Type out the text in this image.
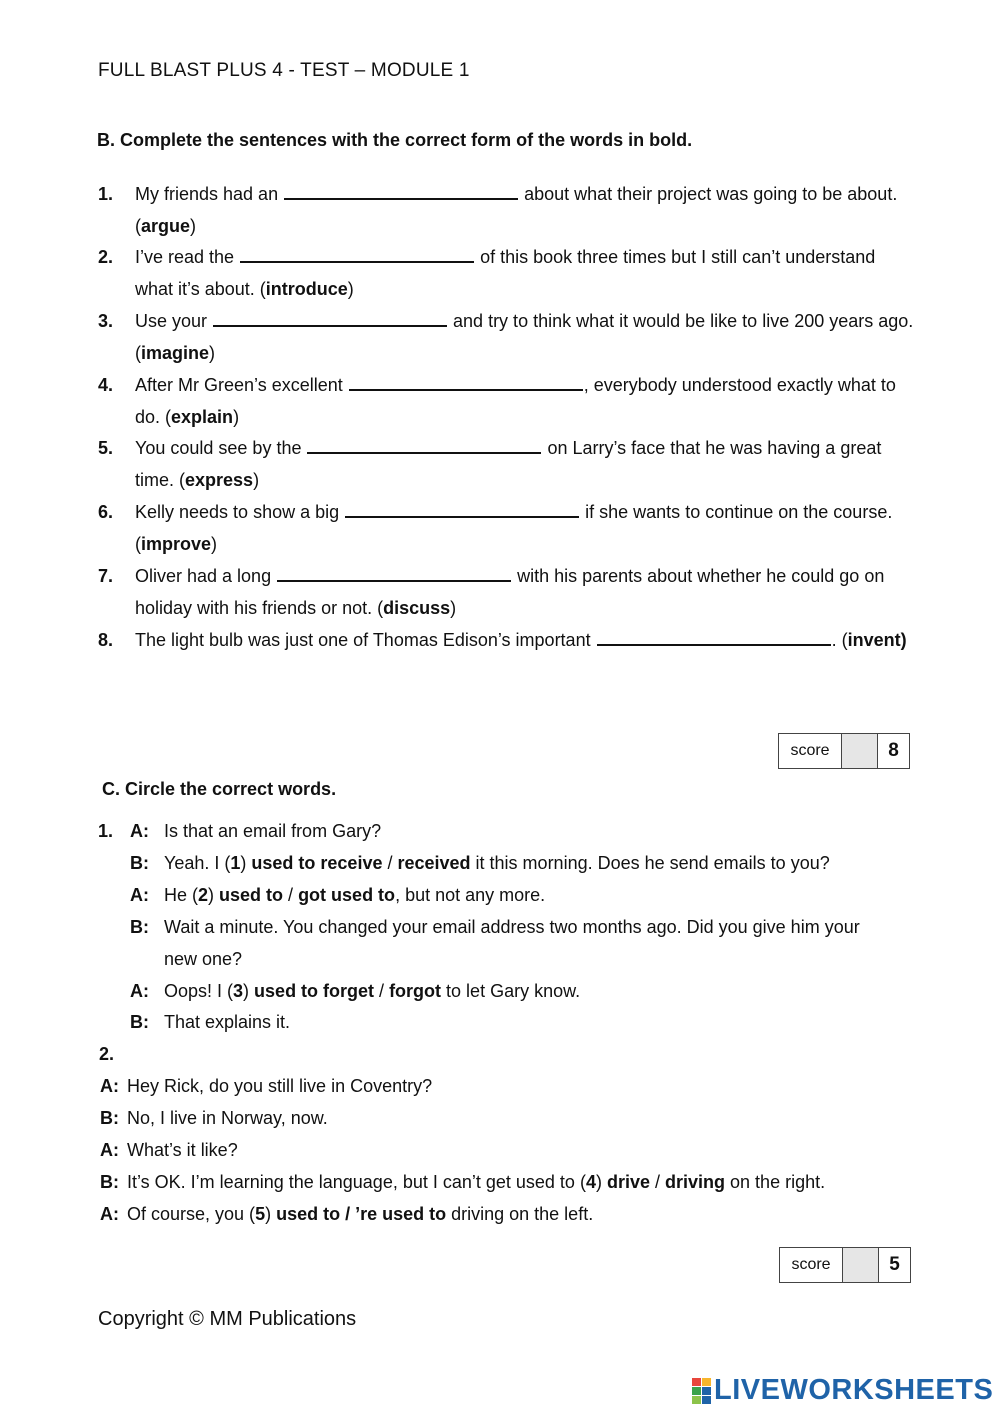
FULL BLAST PLUS 4 - TEST – MODULE 1
B. Complete the sentences with the correct form of the words in bold.
1. My friends had an	about what their project was going to be about. (argue)
2. I’ve read the	of this book three times but I still can’t understand what it’s about. (introduce)
3. Use your	and try to think what it would be like to live 200 years ago. (imagine)
4. After Mr Green’s excellent	, everybody understood exactly what to do. (explain)
5. You could see by the	on Larry’s face that he was having a great time. (express)
6. Kelly needs to show a big	if she wants to continue on the course. (improve)
7. Oliver had a long	with his parents about whether he could go on holiday with his friends or not. (discuss)
8. The light bulb was just one of Thomas Edison’s important	. (invent)
score	8
C. Circle the correct words.
1. A: Is that an email from Gary?
B: Yeah. I (1) used to receive / received it this morning. Does he send emails to you?
A: He (2) used to / got used to, but not any more.
B: Wait a minute. You changed your email address two months ago. Did you give him your
new one?
A: Oops! I (3) used to forget / forgot to let Gary know.
B: That explains it.
2.
A: Hey Rick, do you still live in Coventry?
B: No, I live in Norway, now.
A: What’s it like?
B: It’s OK. I’m learning the language, but I can’t get used to (4) drive / driving on the right.
A: Of course, you (5) used to / ’re used to driving on the left.
score	5
Copyright © MM Publications
LIVEWORKSHEETS
